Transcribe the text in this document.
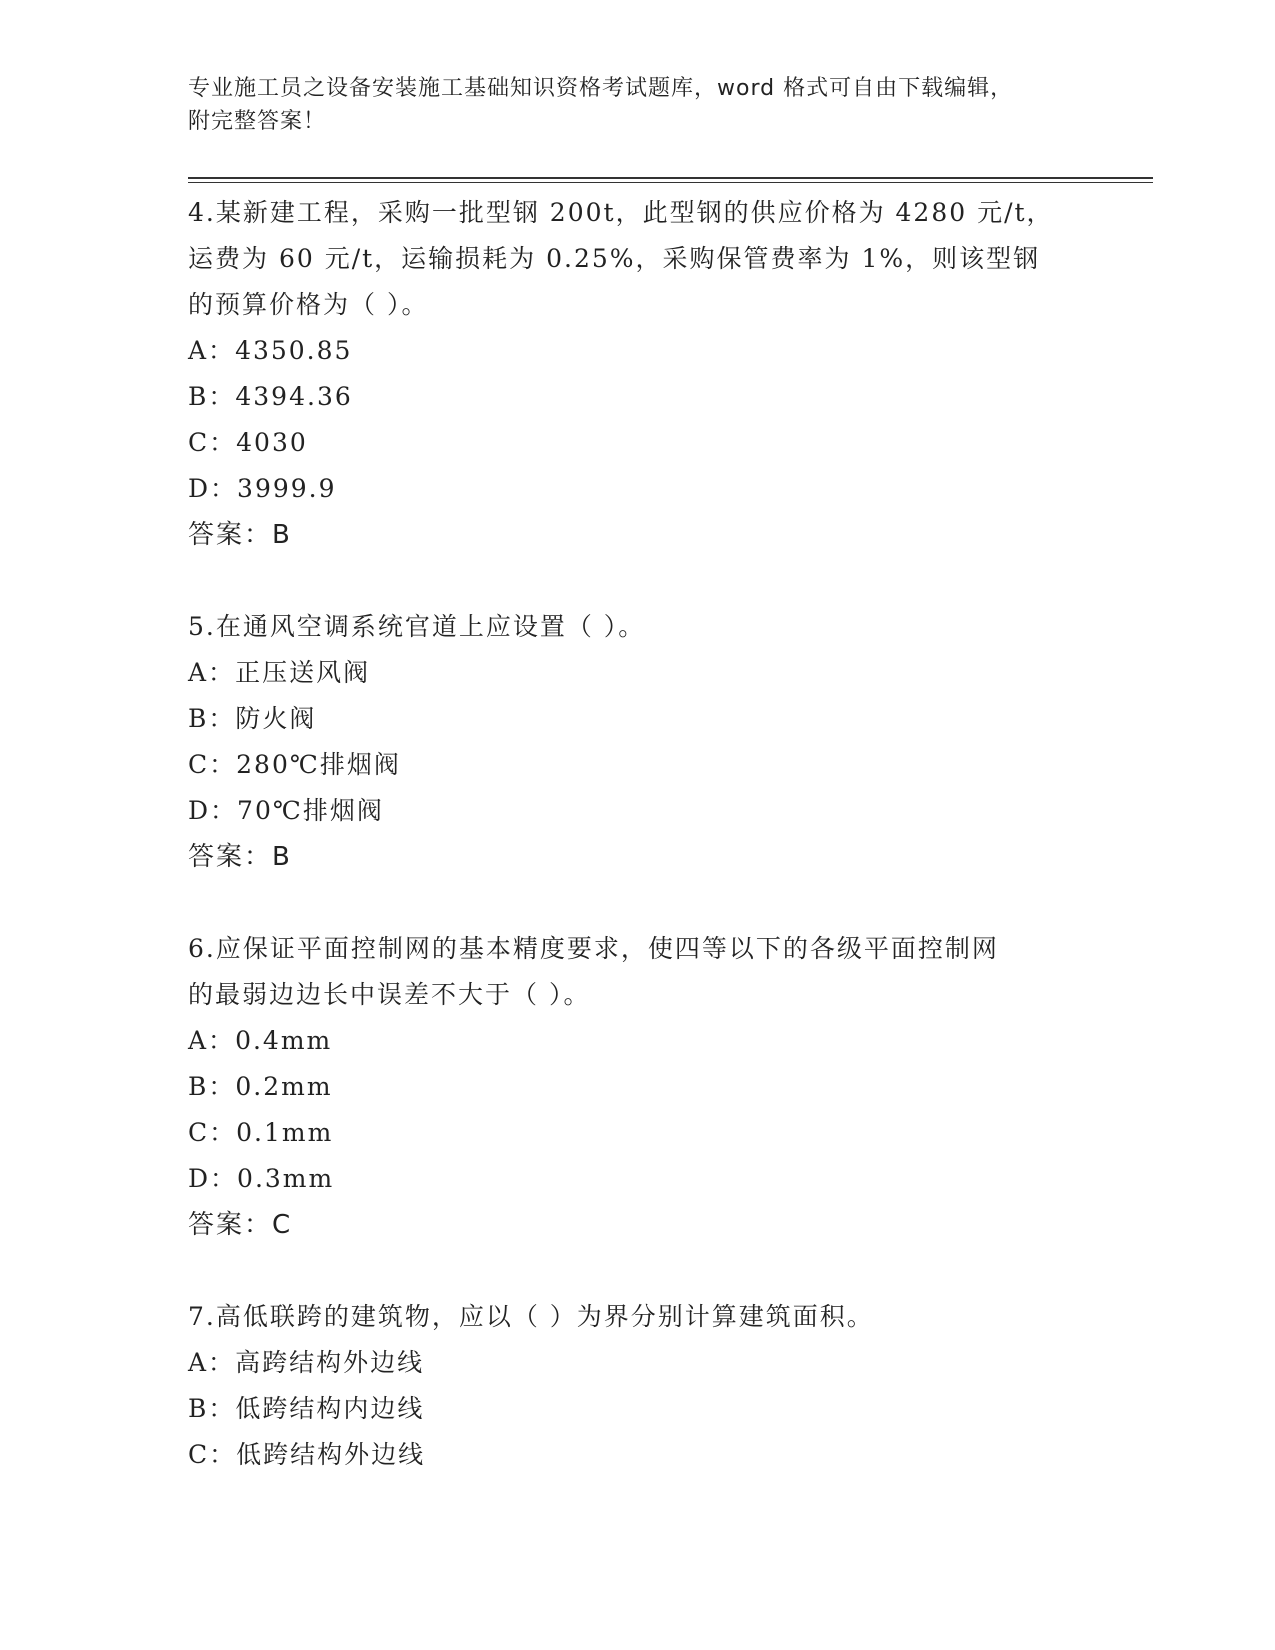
专业施工员之设备安装施工基础知识资格考试题库，word 格式可自由下载编辑，
附完整答案！
4.某新建工程，采购一批型钢 200t，此型钢的供应价格为 4280 元/t，
运费为 60 元/t，运输损耗为 0.25%，采购保管费率为 1%，则该型钢
的预算价格为（ ）。
A：4350.85
B：4394.36
C：4030
D：3999.9
答案：B
5.在通风空调系统官道上应设置（ ）。
A：正压送风阀
B：防火阀
C：280℃排烟阀
D：70℃排烟阀
答案：B
6.应保证平面控制网的基本精度要求，使四等以下的各级平面控制网
的最弱边边长中误差不大于（ ）。
A：0.4mm
B：0.2mm
C：0.1mm
D：0.3mm
答案：C
7.高低联跨的建筑物，应以（ ）为界分别计算建筑面积。
A：高跨结构外边线
B：低跨结构内边线
C：低跨结构外边线
